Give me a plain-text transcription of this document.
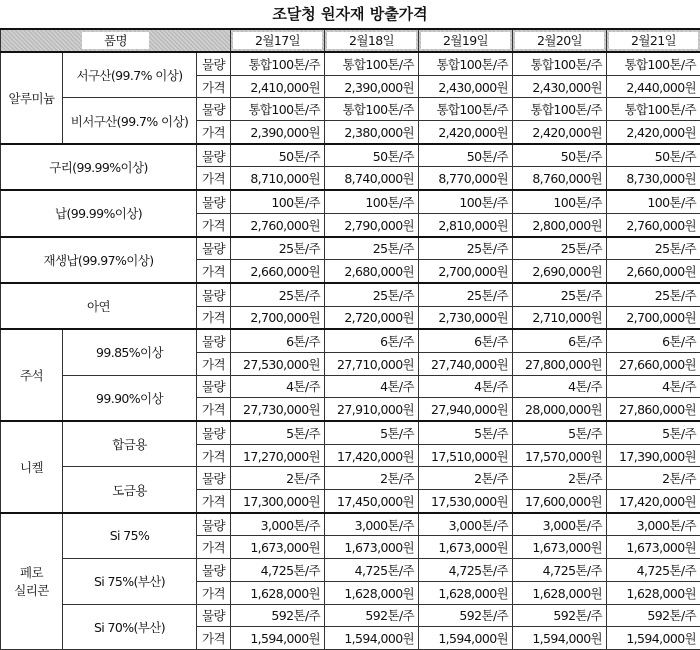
조달청 원자재 방출가격
품명			2월17일	2월18일	2월19일	2월20일	2월21일
알루미늄	서구산(99.7% 이상)	물량	통합100톤/주	통합100톤/주	통합100톤/주	통합100톤/주	통합100톤/주
		가격	2,410,000원	2,390,000원	2,430,000원	2,430,000원	2,440,000원
	비서구산(99.7% 이상)	물량	통합100톤/주	통합100톤/주	통합100톤/주	통합100톤/주	통합100톤/주
		가격	2,390,000원	2,380,000원	2,420,000원	2,420,000원	2,420,000원
구리(99.99%이상)		물량	50톤/주	50톤/주	50톤/주	50톤/주	50톤/주
		가격	8,710,000원	8,740,000원	8,770,000원	8,760,000원	8,730,000원
납(99.99%이상)		물량	100톤/주	100톤/주	100톤/주	100톤/주	100톤/주
		가격	2,760,000원	2,790,000원	2,810,000원	2,800,000원	2,760,000원
재생납(99.97%이상)		물량	25톤/주	25톤/주	25톤/주	25톤/주	25톤/주
		가격	2,660,000원	2,680,000원	2,700,000원	2,690,000원	2,660,000원
아연		물량	25톤/주	25톤/주	25톤/주	25톤/주	25톤/주
		가격	2,700,000원	2,720,000원	2,730,000원	2,710,000원	2,700,000원
주석	99.85%이상	물량	6톤/주	6톤/주	6톤/주	6톤/주	6톤/주
		가격	27,530,000원	27,710,000원	27,740,000원	27,800,000원	27,660,000원
	99.90%이상	물량	4톤/주	4톤/주	4톤/주	4톤/주	4톤/주
		가격	27,730,000원	27,910,000원	27,940,000원	28,000,000원	27,860,000원
니켈	합금용	물량	5톤/주	5톤/주	5톤/주	5톤/주	5톤/주
		가격	17,270,000원	17,420,000원	17,510,000원	17,570,000원	17,390,000원
	도금용	물량	2톤/주	2톤/주	2톤/주	2톤/주	2톤/주
		가격	17,300,000원	17,450,000원	17,530,000원	17,600,000원	17,420,000원
페로
실리콘	Si 75%	물량	3,000톤/주	3,000톤/주	3,000톤/주	3,000톤/주	3,000톤/주
		가격	1,673,000원	1,673,000원	1,673,000원	1,673,000원	1,673,000원
	Si 75%(부산)	물량	4,725톤/주	4,725톤/주	4,725톤/주	4,725톤/주	4,725톤/주
		가격	1,628,000원	1,628,000원	1,628,000원	1,628,000원	1,628,000원
	Si 70%(부산)	물량	592톤/주	592톤/주	592톤/주	592톤/주	592톤/주
		가격	1,594,000원	1,594,000원	1,594,000원	1,594,000원	1,594,000원
